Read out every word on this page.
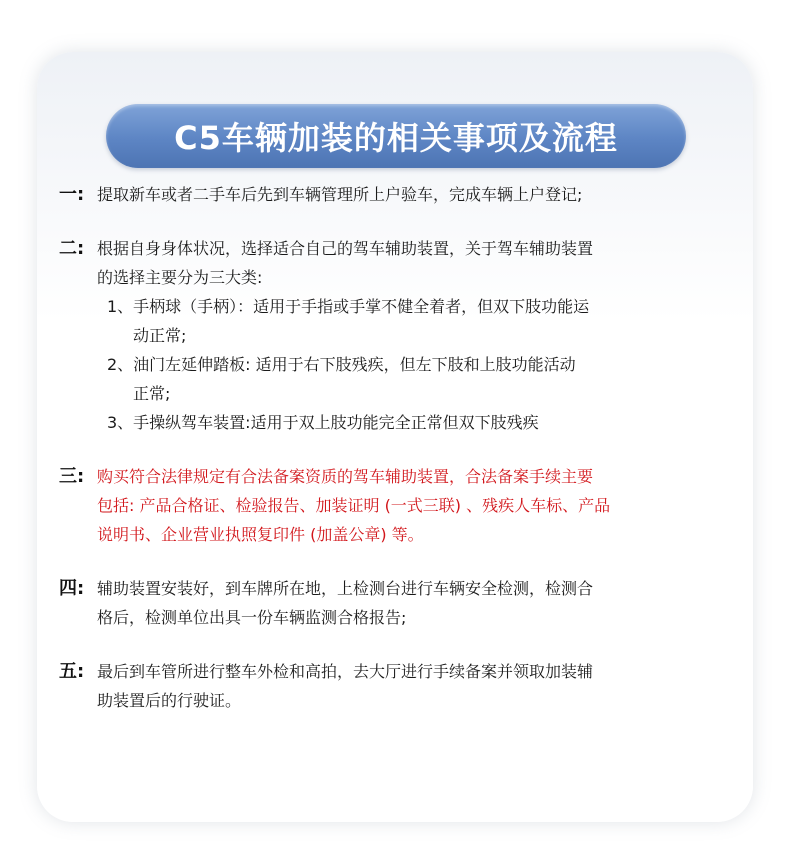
C5车辆加装的相关事项及流程
一: 提取新车或者二手车后先到车辆管理所上户验车，完成车辆上户登记;

二: 根据自身身体状况，选择适合自己的驾车辅助装置，关于驾车辅助装置

的选择主要分为三大类:

1、手柄球（手柄）：适用于手指或手掌不健全着者，但双下肢功能运

动正常;

2、油门左延伸踏板: 适用于右下肢残疾，但左下肢和上肢功能活动

正常;

3、手操纵驾车装置:适用于双上肢功能完全正常但双下肢残疾

三: 购买符合法律规定有合法备案资质的驾车辅助装置，合法备案手续主要

包括: 产品合格证、检验报告、加装证明 (一式三联) 、残疾人车标、产品

说明书、企业营业执照复印件 (加盖公章) 等。

四: 辅助装置安装好，到车牌所在地，上检测台进行车辆安全检测，检测合

格后，检测单位出具一份车辆监测合格报告;

五: 最后到车管所进行整车外检和高拍，去大厅进行手续备案并领取加装辅

助装置后的行驶证。
